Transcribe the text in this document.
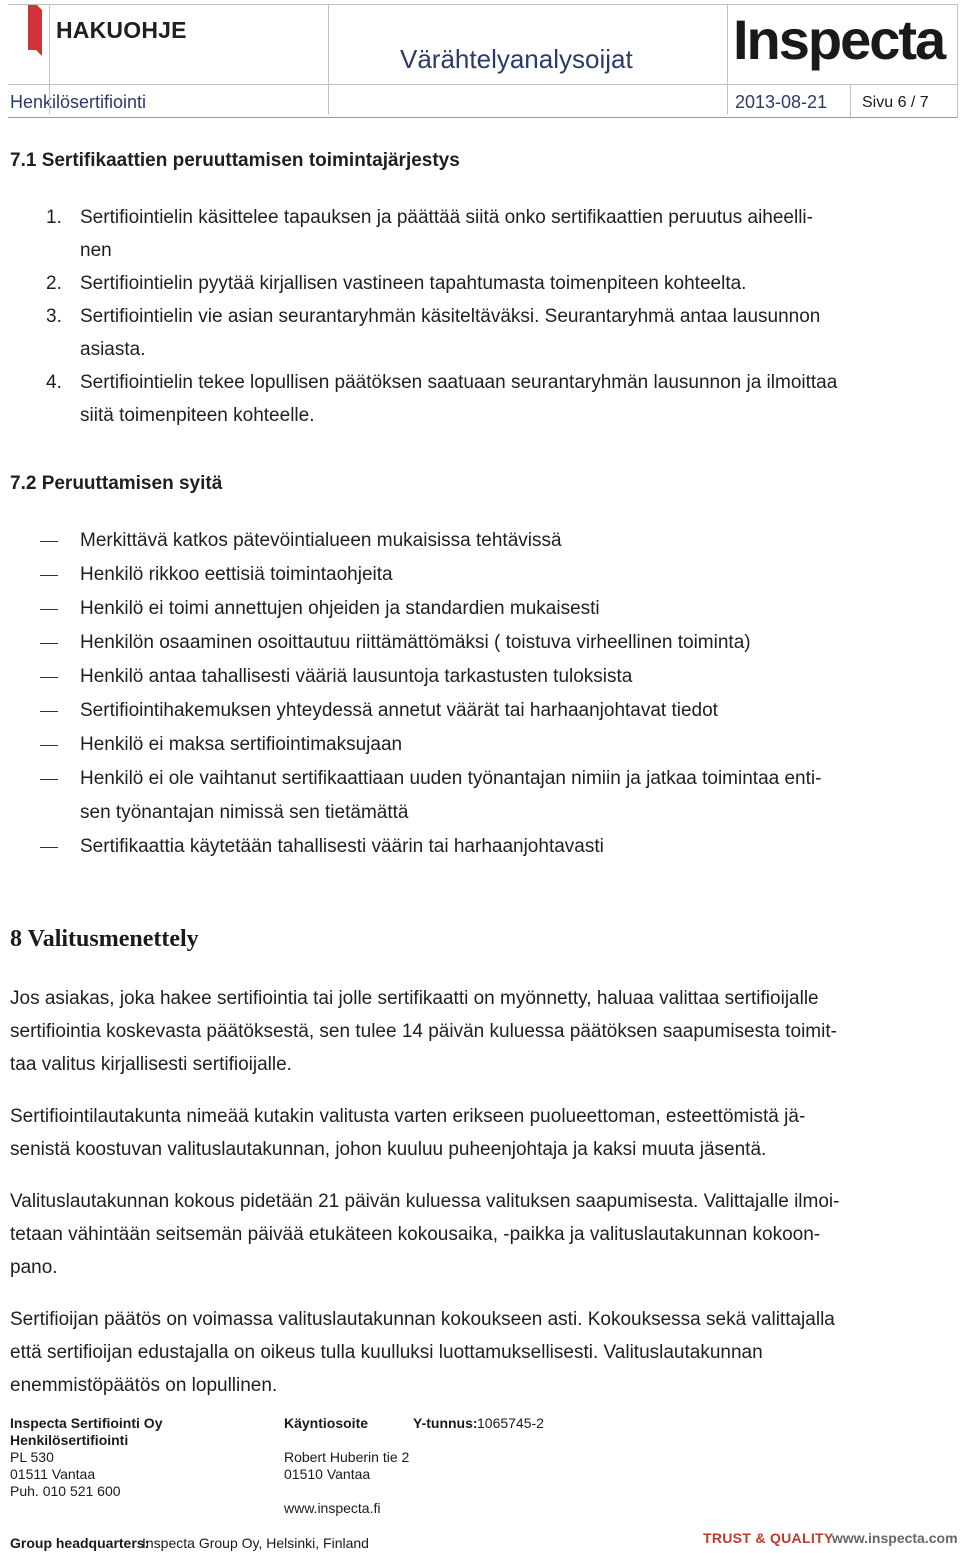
HAKUOHJE
Värähtelyanalysoijat Inspecta
Henkilösertifiointi	2013-08-21 Sivu 6 / 7
7.1 Sertifikaattien peruuttamisen toimintajärjestys
1. Sertifiointielin käsittelee tapauksen ja päättää siitä onko sertifikaattien peruutus aiheelli-
nen
2. Sertifiointielin pyytää kirjallisen vastineen tapahtumasta toimenpiteen kohteelta.
3. Sertifiointielin vie asian seurantaryhmän käsiteltäväksi. Seurantaryhmä antaa lausunnon
asiasta.
4. Sertifiointielin tekee lopullisen päätöksen saatuaan seurantaryhmän lausunnon ja ilmoittaa
siitä toimenpiteen kohteelle.
7.2 Peruuttamisen syitä
Merkittävä katkos pätevöintialueen mukaisissa tehtävissä
Henkilö rikkoo eettisiä toimintaohjeita
Henkilö ei toimi annettujen ohjeiden ja standardien mukaisesti
Henkilön osaaminen osoittautuu riittämättömäksi ( toistuva virheellinen toiminta)
Henkilö antaa tahallisesti vääriä lausuntoja tarkastusten tuloksista
Sertifiointihakemuksen yhteydessä annetut väärät tai harhaanjohtavat tiedot
Henkilö ei maksa sertifiointimaksujaan
Henkilö ei ole vaihtanut sertifikaattiaan uuden työnantajan nimiin ja jatkaa toimintaa enti-
sen työnantajan nimissä sen tietämättä
Sertifikaattia käytetään tahallisesti väärin tai harhaanjohtavasti
8 Valitusmenettely
Jos asiakas, joka hakee sertifiointia tai jolle sertifikaatti on myönnetty, haluaa valittaa sertifioijalle
sertifiointia koskevasta päätöksestä, sen tulee 14 päivän kuluessa päätöksen saapumisesta toimit-
taa valitus kirjallisesti sertifioijalle.
Sertifiointilautakunta nimeää kutakin valitusta varten erikseen puolueettoman, esteettömistä jä-
senistä koostuvan valituslautakunnan, johon kuuluu puheenjohtaja ja kaksi muuta jäsentä.
Valituslautakunnan kokous pidetään 21 päivän kuluessa valituksen saapumisesta. Valittajalle ilmoi-
tetaan vähintään seitsemän päivää etukäteen kokousaika, -paikka ja valituslautakunnan kokoon-
pano.
Sertifioijan päätös on voimassa valituslautakunnan kokoukseen asti. Kokouksessa sekä valittajalla
että sertifioijan edustajalla on oikeus tulla kuulluksi luottamuksellisesti. Valituslautakunnan
enemmistöpäätös on lopullinen.
Inspecta Sertifiointi Oy
Henkilösertifiointi
PL 530
01511 Vantaa
Puh. 010 521 600
Käyntiosoite
Robert Huberin tie 2
01510 Vantaa
www.inspecta.fi
Y-tunnus: 1065745-2
Group headquarters:
Inspecta Group Oy, Helsinki, Finland	TRUST & QUALITY
www.inspecta.com
